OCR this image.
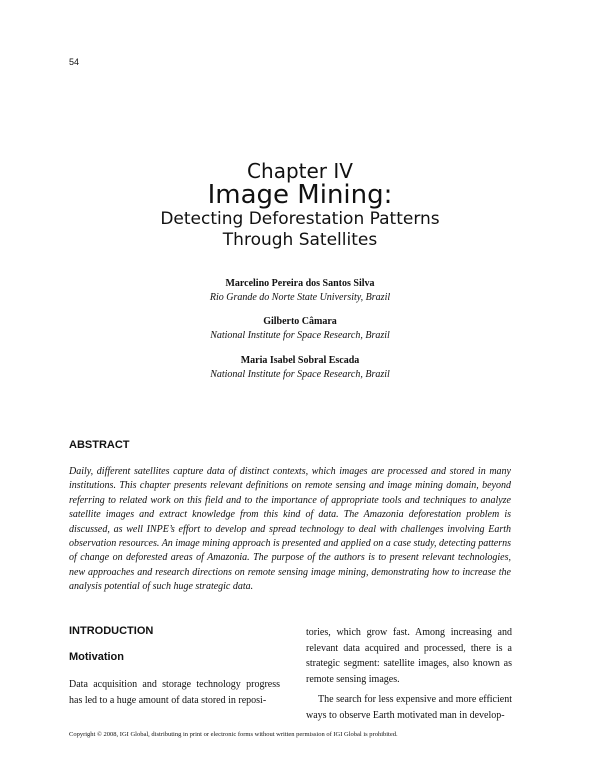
54
Chapter IV
Image Mining:
Detecting Deforestation Patterns
Through Satellites
Marcelino Pereira dos Santos Silva
Rio Grande do Norte State University, Brazil
Gilberto Câmara
National Institute for Space Research, Brazil
Maria Isabel Sobral Escada
National Institute for Space Research, Brazil
ABSTRACT

Daily, different satellites capture data of distinct contexts, which images are processed and stored in many institutions. This chapter presents relevant definitions on remote sensing and image mining domain, beyond referring to related work on this field and to the importance of appropriate tools and techniques to analyze satellite images and extract knowledge from this kind of data. The Amazonia deforestation problem is discussed, as well INPE’s effort to develop and spread technology to deal with challenges involving Earth observation resources. An image mining approach is presented and applied on a case study, detecting patterns of change on deforested areas of Amazonia. The purpose of the authors is to present relevant technologies, new approaches and research directions on remote sensing image mining, demonstrating how to increase the analysis potential of such huge strategic data.

INTRODUCTION
Motivation

Data acquisition and storage technology progress has led to a huge amount of data stored in reposi-

tories, which grow fast. Among increasing and relevant data acquired and processed, there is a strategic segment: satellite images, also known as remote sensing images.

The search for less expensive and more efficient ways to observe Earth motivated man in develop-

Copyright © 2008, IGI Global, distributing in print or electronic forms without written permission of IGI Global is prohibited.
